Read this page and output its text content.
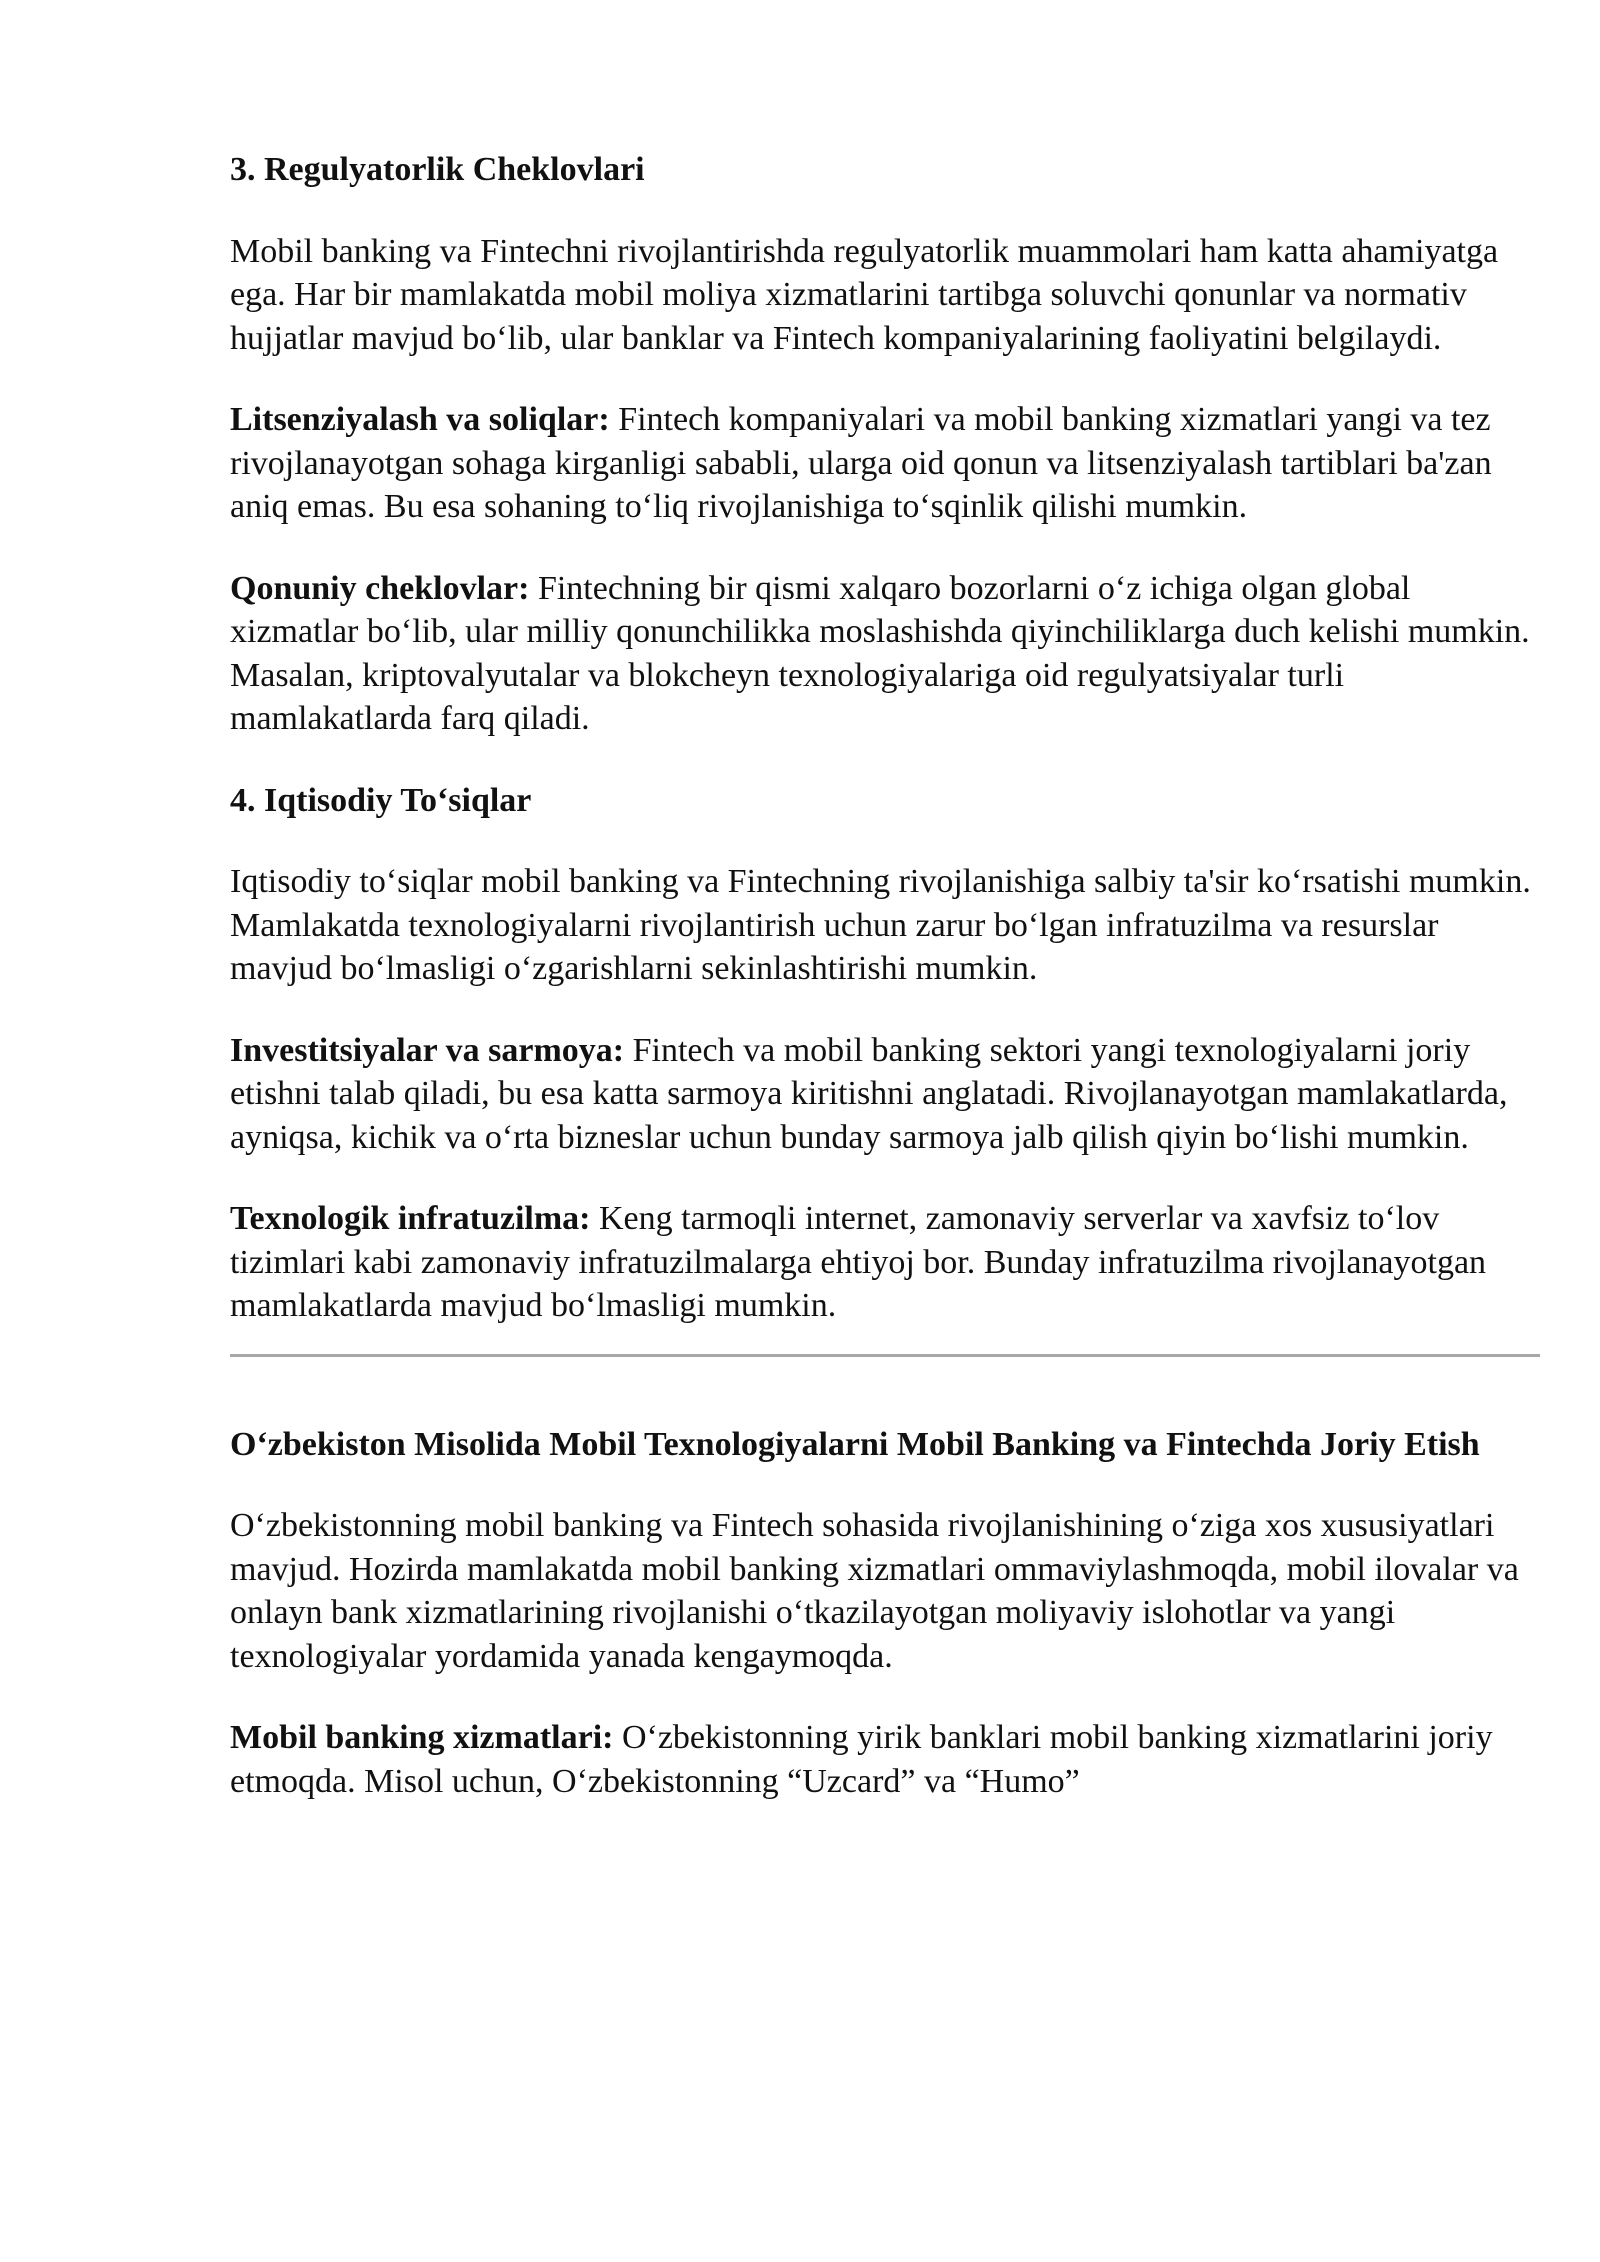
3. Regulyatorlik Cheklovlari

Mobil banking va Fintechni rivojlantirishda regulyatorlik muammolari ham katta ahamiyatga ega. Har bir mamlakatda mobil moliya xizmatlarini tartibga soluvchi qonunlar va normativ hujjatlar mavjud bo‘lib, ular banklar va Fintech kompaniyalarining faoliyatini belgilaydi.

Litsenziyalash va soliqlar: Fintech kompaniyalari va mobil banking xizmatlari yangi va tez rivojlanayotgan sohaga kirganligi sababli, ularga oid qonun va litsenziyalash tartiblari ba'zan aniq emas. Bu esa sohaning to‘liq rivojlanishiga to‘sqinlik qilishi mumkin.

Qonuniy cheklovlar: Fintechning bir qismi xalqaro bozorlarni o‘z ichiga olgan global xizmatlar bo‘lib, ular milliy qonunchilikka moslashishda qiyinchiliklarga duch kelishi mumkin. Masalan, kriptovalyutalar va blokcheyn texnologiyalariga oid regulyatsiyalar turli mamlakatlarda farq qiladi.

4. Iqtisodiy To‘siqlar

Iqtisodiy to‘siqlar mobil banking va Fintechning rivojlanishiga salbiy ta'sir ko‘rsatishi mumkin. Mamlakatda texnologiyalarni rivojlantirish uchun zarur bo‘lgan infratuzilma va resurslar mavjud bo‘lmasligi o‘zgarishlarni sekinlashtirishi mumkin.

Investitsiyalar va sarmoya: Fintech va mobil banking sektori yangi texnologiyalarni joriy etishni talab qiladi, bu esa katta sarmoya kiritishni anglatadi. Rivojlanayotgan mamlakatlarda, ayniqsa, kichik va o‘rta bizneslar uchun bunday sarmoya jalb qilish qiyin bo‘lishi mumkin.

Texnologik infratuzilma: Keng tarmoqli internet, zamonaviy serverlar va xavfsiz to‘lov tizimlari kabi zamonaviy infratuzilmalarga ehtiyoj bor. Bunday infratuzilma rivojlanayotgan mamlakatlarda mavjud bo‘lmasligi mumkin.

O‘zbekiston Misolida Mobil Texnologiyalarni Mobil Banking va Fintechda Joriy Etish

O‘zbekistonning mobil banking va Fintech sohasida rivojlanishining o‘ziga xos xususiyatlari mavjud. Hozirda mamlakatda mobil banking xizmatlari ommaviylashmoqda, mobil ilovalar va onlayn bank xizmatlarining rivojlanishi o‘tkazilayotgan moliyaviy islohotlar va yangi texnologiyalar yordamida yanada kengaymoqda.

Mobil banking xizmatlari: O‘zbekistonning yirik banklari mobil banking xizmatlarini joriy etmoqda. Misol uchun, O‘zbekistonning “Uzcard” va “Humo”
